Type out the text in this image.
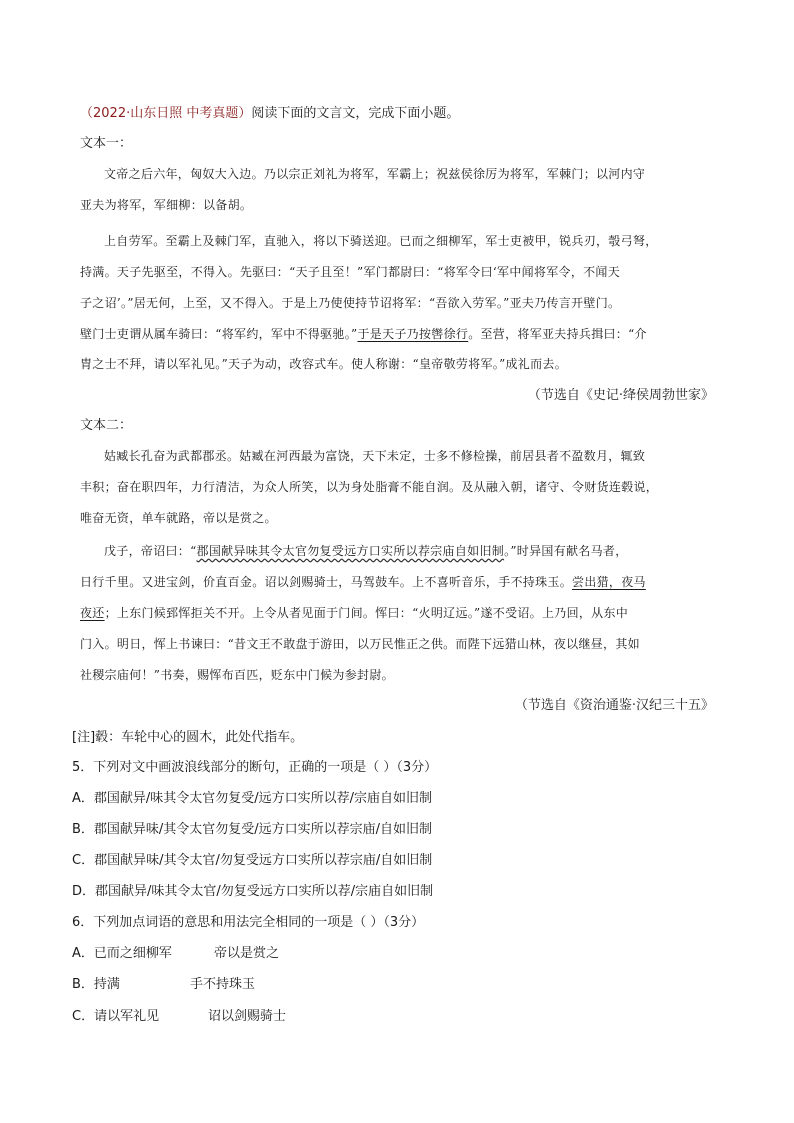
（2022·山东日照 中考真题）阅读下面的文言文，完成下面小题。
文本一：
文帝之后六年，匈奴大入边。乃以宗正刘礼为将军，军霸上；祝兹侯徐厉为将军，军棘门；以河内守
亚夫为将军，军细柳：以备胡。
上自劳军。至霸上及棘门军，直驰入，将以下骑送迎。已而之细柳军，军士吏被甲，锐兵刃，彀弓弩，
持满。天子先驱至，不得入。先驱曰：“天子且至！”军门都尉曰：“将军令曰‘军中闻将军令，不闻天
子之诏’。”居无何，上至，又不得入。于是上乃使使持节诏将军：“吾欲入劳军。”亚夫乃传言开壁门。
壁门士吏谓从属车骑曰：“将军约，军中不得驱驰。”于是天子乃按辔徐行。至营，将军亚夫持兵揖曰：“介
胄之士不拜，请以军礼见。”天子为动，改容式车。使人称谢：“皇帝敬劳将军。”成礼而去。
（节选自《史记·绛侯周勃世家》
文本二：
姑臧长孔奋为武都郡丞。姑臧在河西最为富饶，天下未定，士多不修检操，前居县者不盈数月，辄致
丰积；奋在职四年，力行清洁，为众人所笑，以为身处脂膏不能自润。及从融入朝，诸守、令财货连毂说，
唯奋无资，单车就路，帝以是赏之。
戊子，帝诏曰：“郡国献异味其令太官勿复受远方口实所以荐宗庙自如旧制。”时异国有献名马者，
日行千里。又进宝剑，价直百金。诏以剑赐骑士，马驾鼓车。上不喜听音乐，手不持珠玉。尝出猎，夜马
夜还；上东门候郅恽拒关不开。上令从者见面于门间。恽曰：“火明辽远。”遂不受诏。上乃回，从东中
门入。明日，恽上书谏曰：“昔文王不敢盘于游田，以万民惟正之供。而陛下远猎山林，夜以继昼，其如
社稷宗庙何！”书奏，赐恽布百匹，贬东中门候为参封尉。
（节选自《资治通鉴·汉纪三十五》
[注]毂：车轮中心的圆木，此处代指车。
5．下列对文中画波浪线部分的断句，正确的一项是（ ）（3分）
A．郡国献异/味其令太官勿复受/远方口实所以荐/宗庙自如旧制
B．郡国献异味/其令太官勿复受/远方口实所以荐宗庙/自如旧制
C．郡国献异味/其令太官/勿复受远方口实所以荐宗庙/自如旧制
D．郡国献异/味其令太官/勿复受远方口实所以荐/宗庙自如旧制
6．下列加点词语的意思和用法完全相同的一项是（ ）（3分）
A．已而之细柳军	帝以是赏之
B．持满	手不持珠玉
C．请以军礼见	诏以剑赐骑士
